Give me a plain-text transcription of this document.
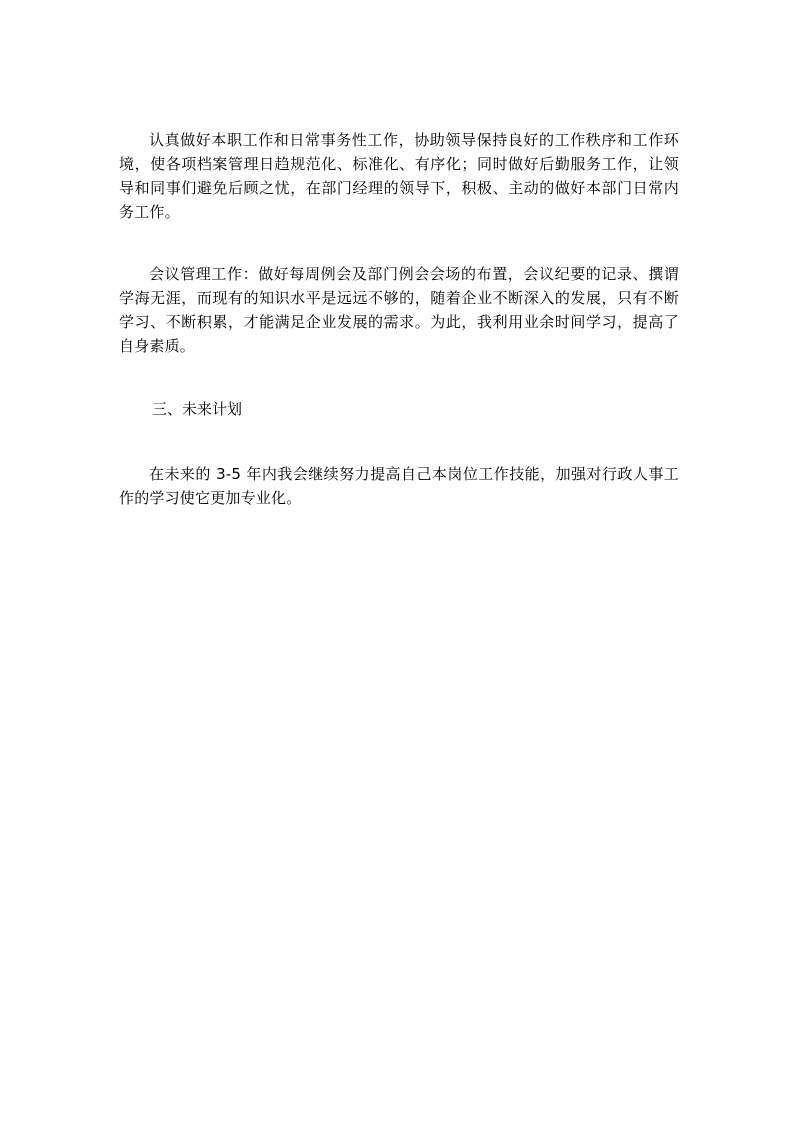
认真做好本职工作和日常事务性工作，协助领导保持良好的工作秩序和工作环境，使各项档案管理日趋规范化、标准化、有序化；同时做好后勤服务工作，让领导和同事们避免后顾之忧，在部门经理的领导下，积极、主动的做好本部门日常内务工作。

会议管理工作：做好每周例会及部门例会会场的布置，会议纪要的记录、撰谓学海无涯，而现有的知识水平是远远不够的，随着企业不断深入的发展，只有不断学习、不断积累，才能满足企业发展的需求。为此，我利用业余时间学习，提高了自身素质。

三、未来计划

在未来的 3-5 年内我会继续努力提高自己本岗位工作技能，加强对行政人事工作的学习使它更加专业化。
